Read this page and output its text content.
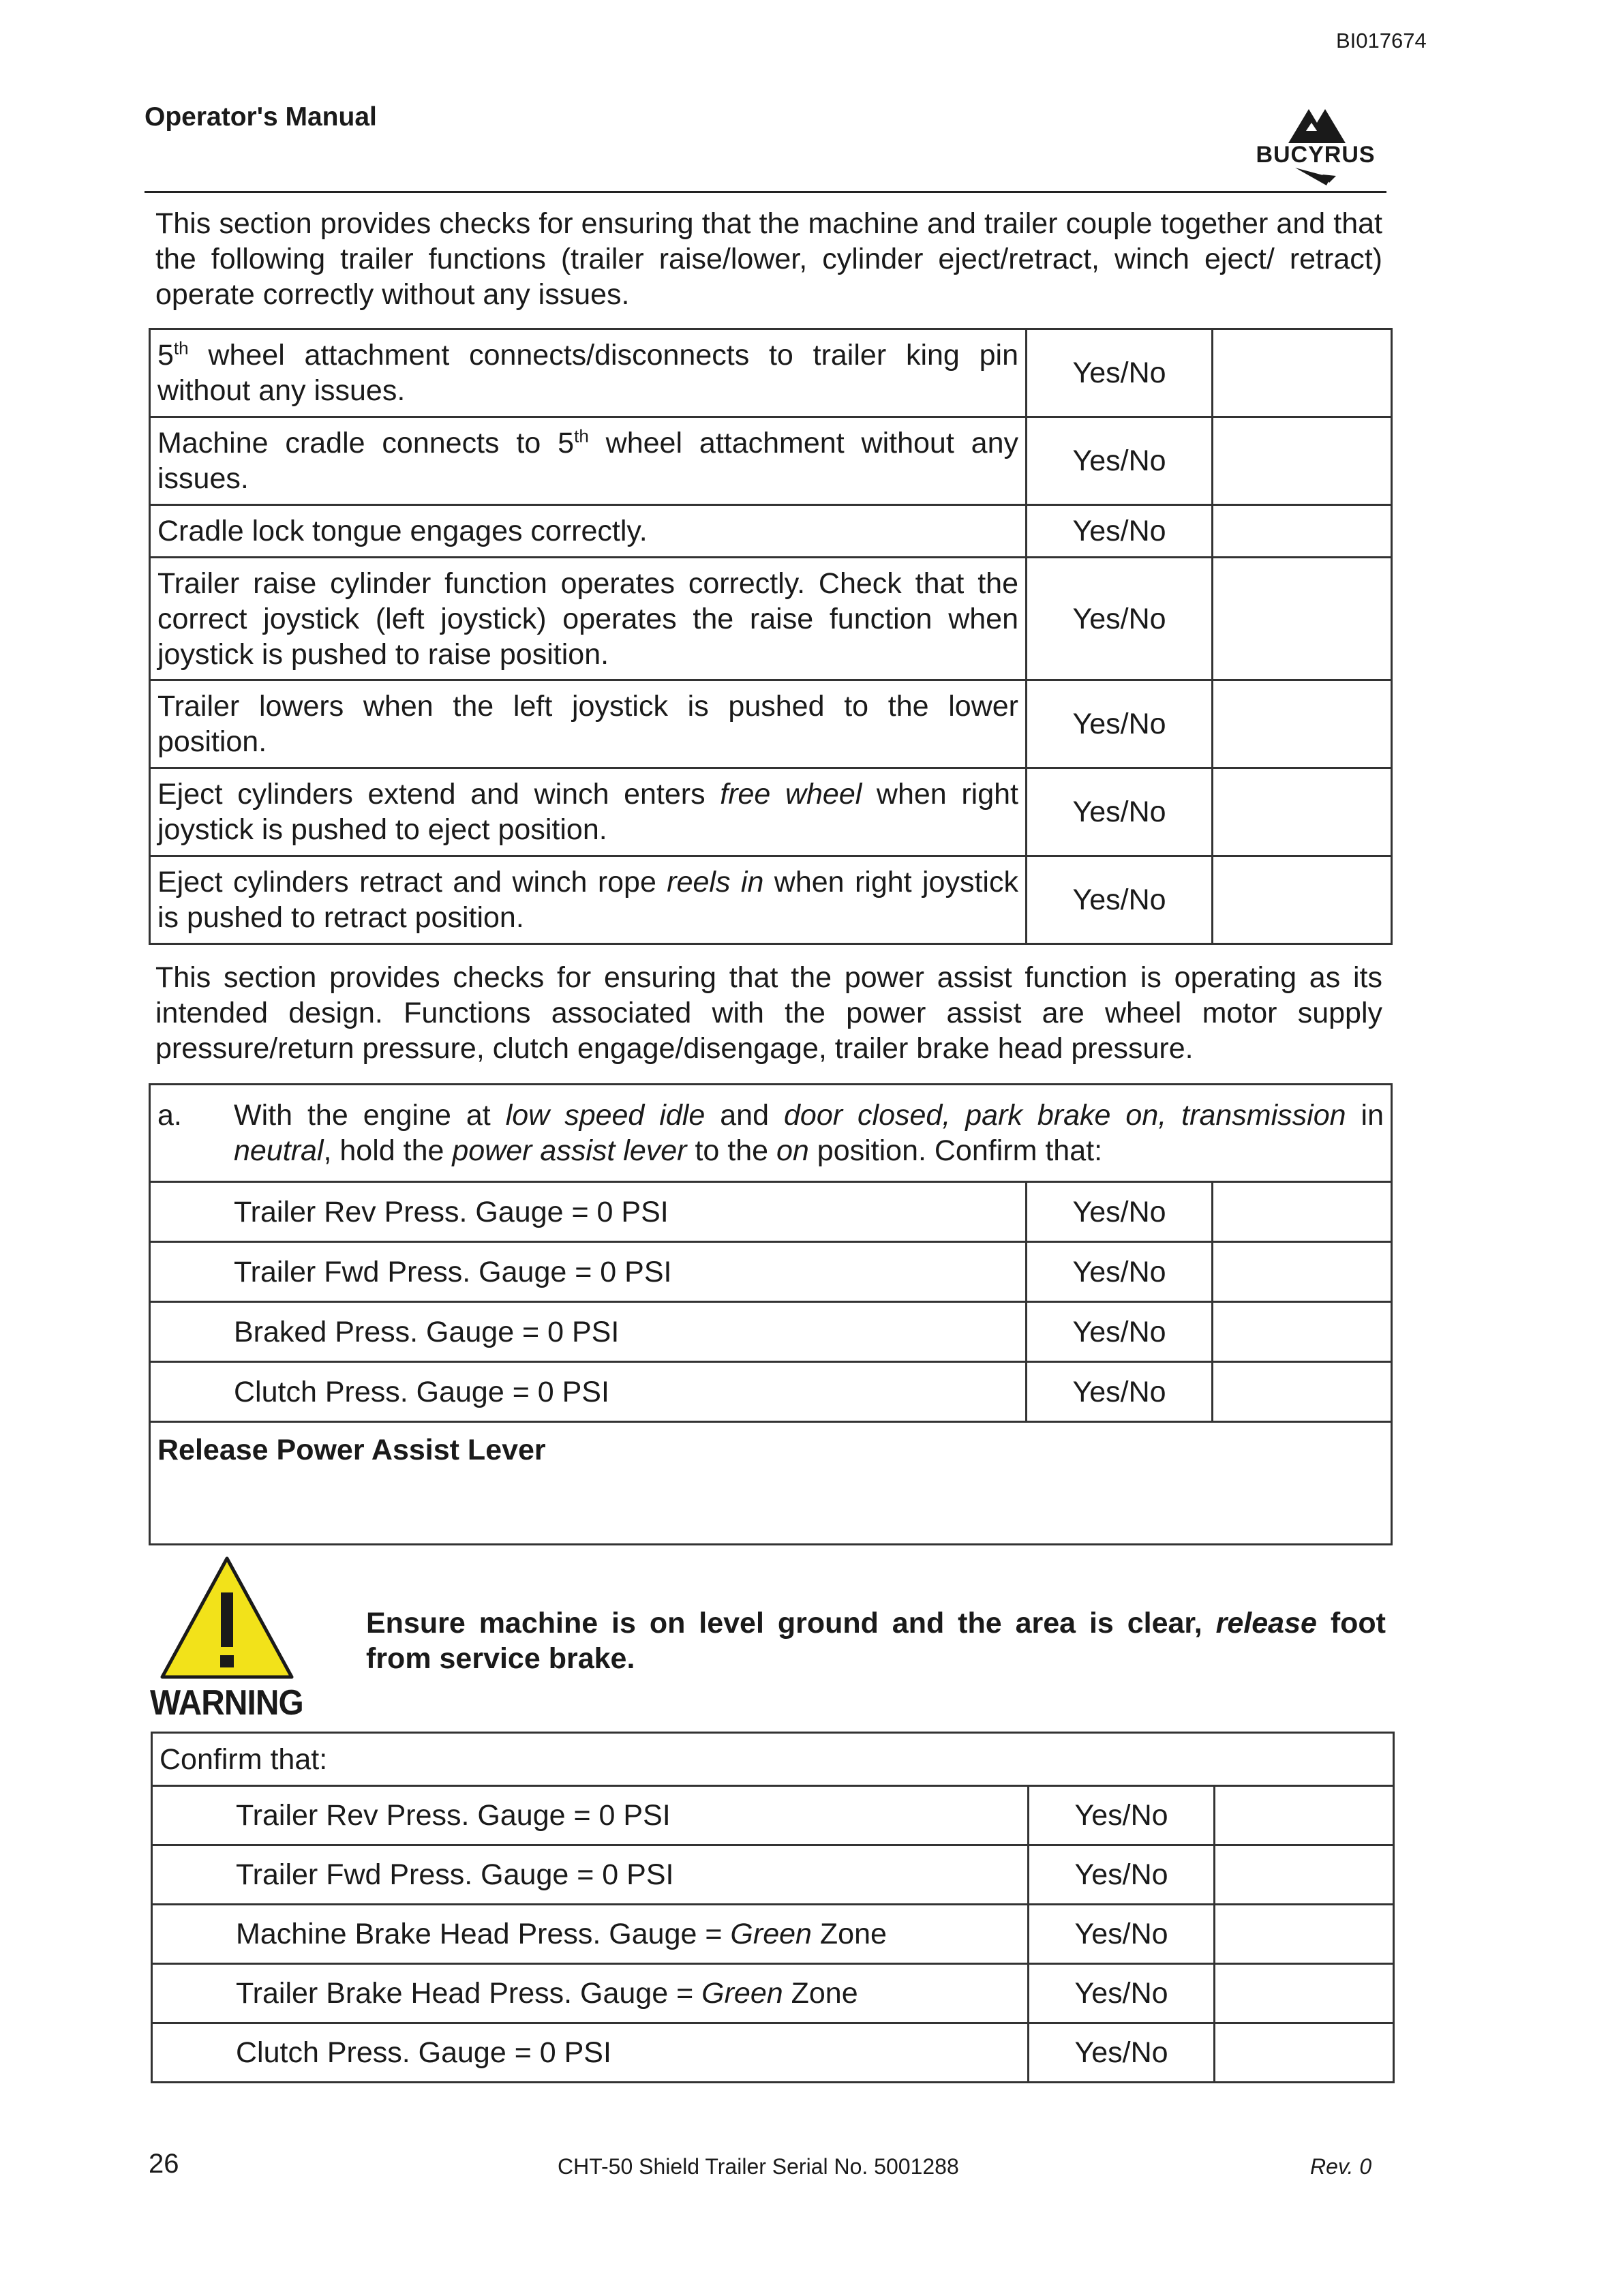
BI017674
Operator's Manual
BUCYRUS
This section provides checks for ensuring that the machine and trailer couple together and that the following trailer functions (trailer raise/lower, cylinder eject/retract, winch eject/ retract) operate correctly without any issues.
5th wheel attachment connects/disconnects to trailer king pin without any issues.	Yes/No	
Machine cradle connects to 5th wheel attachment without any issues.	Yes/No	
Cradle lock tongue engages correctly.	Yes/No	
Trailer raise cylinder function operates correctly. Check that the correct joystick (left joystick) operates the raise function when joystick is pushed to raise position.	Yes/No	
Trailer lowers when the left joystick is pushed to the lower position.	Yes/No	
Eject cylinders extend and winch enters free wheel when right joystick is pushed to eject position.	Yes/No	
Eject cylinders retract and winch rope reels in when right joystick is pushed to retract position.	Yes/No	
This section provides checks for ensuring that the power assist function is operating as its intended design. Functions associated with the power assist are wheel motor supply pressure/return pressure, clutch engage/disengage, trailer brake head pressure.
a. With the engine at low speed idle and door closed, park brake on, transmission in neutral, hold the power assist lever to the on position. Confirm that:		

Trailer Rev Press. Gauge = 0 PSI	Yes/No	
Trailer Fwd Press. Gauge = 0 PSI	Yes/No	
Braked Press. Gauge = 0 PSI	Yes/No	
Clutch Press. Gauge = 0 PSI	Yes/No	
Release Power Assist Lever		
WARNING
Ensure machine is on level ground and the area is clear, release foot from service brake.
Confirm that:		
Trailer Rev Press. Gauge = 0 PSI	Yes/No	
Trailer Fwd Press. Gauge = 0 PSI	Yes/No	
Machine Brake Head Press. Gauge = Green Zone	Yes/No	
Trailer Brake Head Press. Gauge = Green Zone	Yes/No	
Clutch Press. Gauge = 0 PSI	Yes/No	
26	CHT-50 Shield Trailer Serial No. 5001288	Rev. 0
